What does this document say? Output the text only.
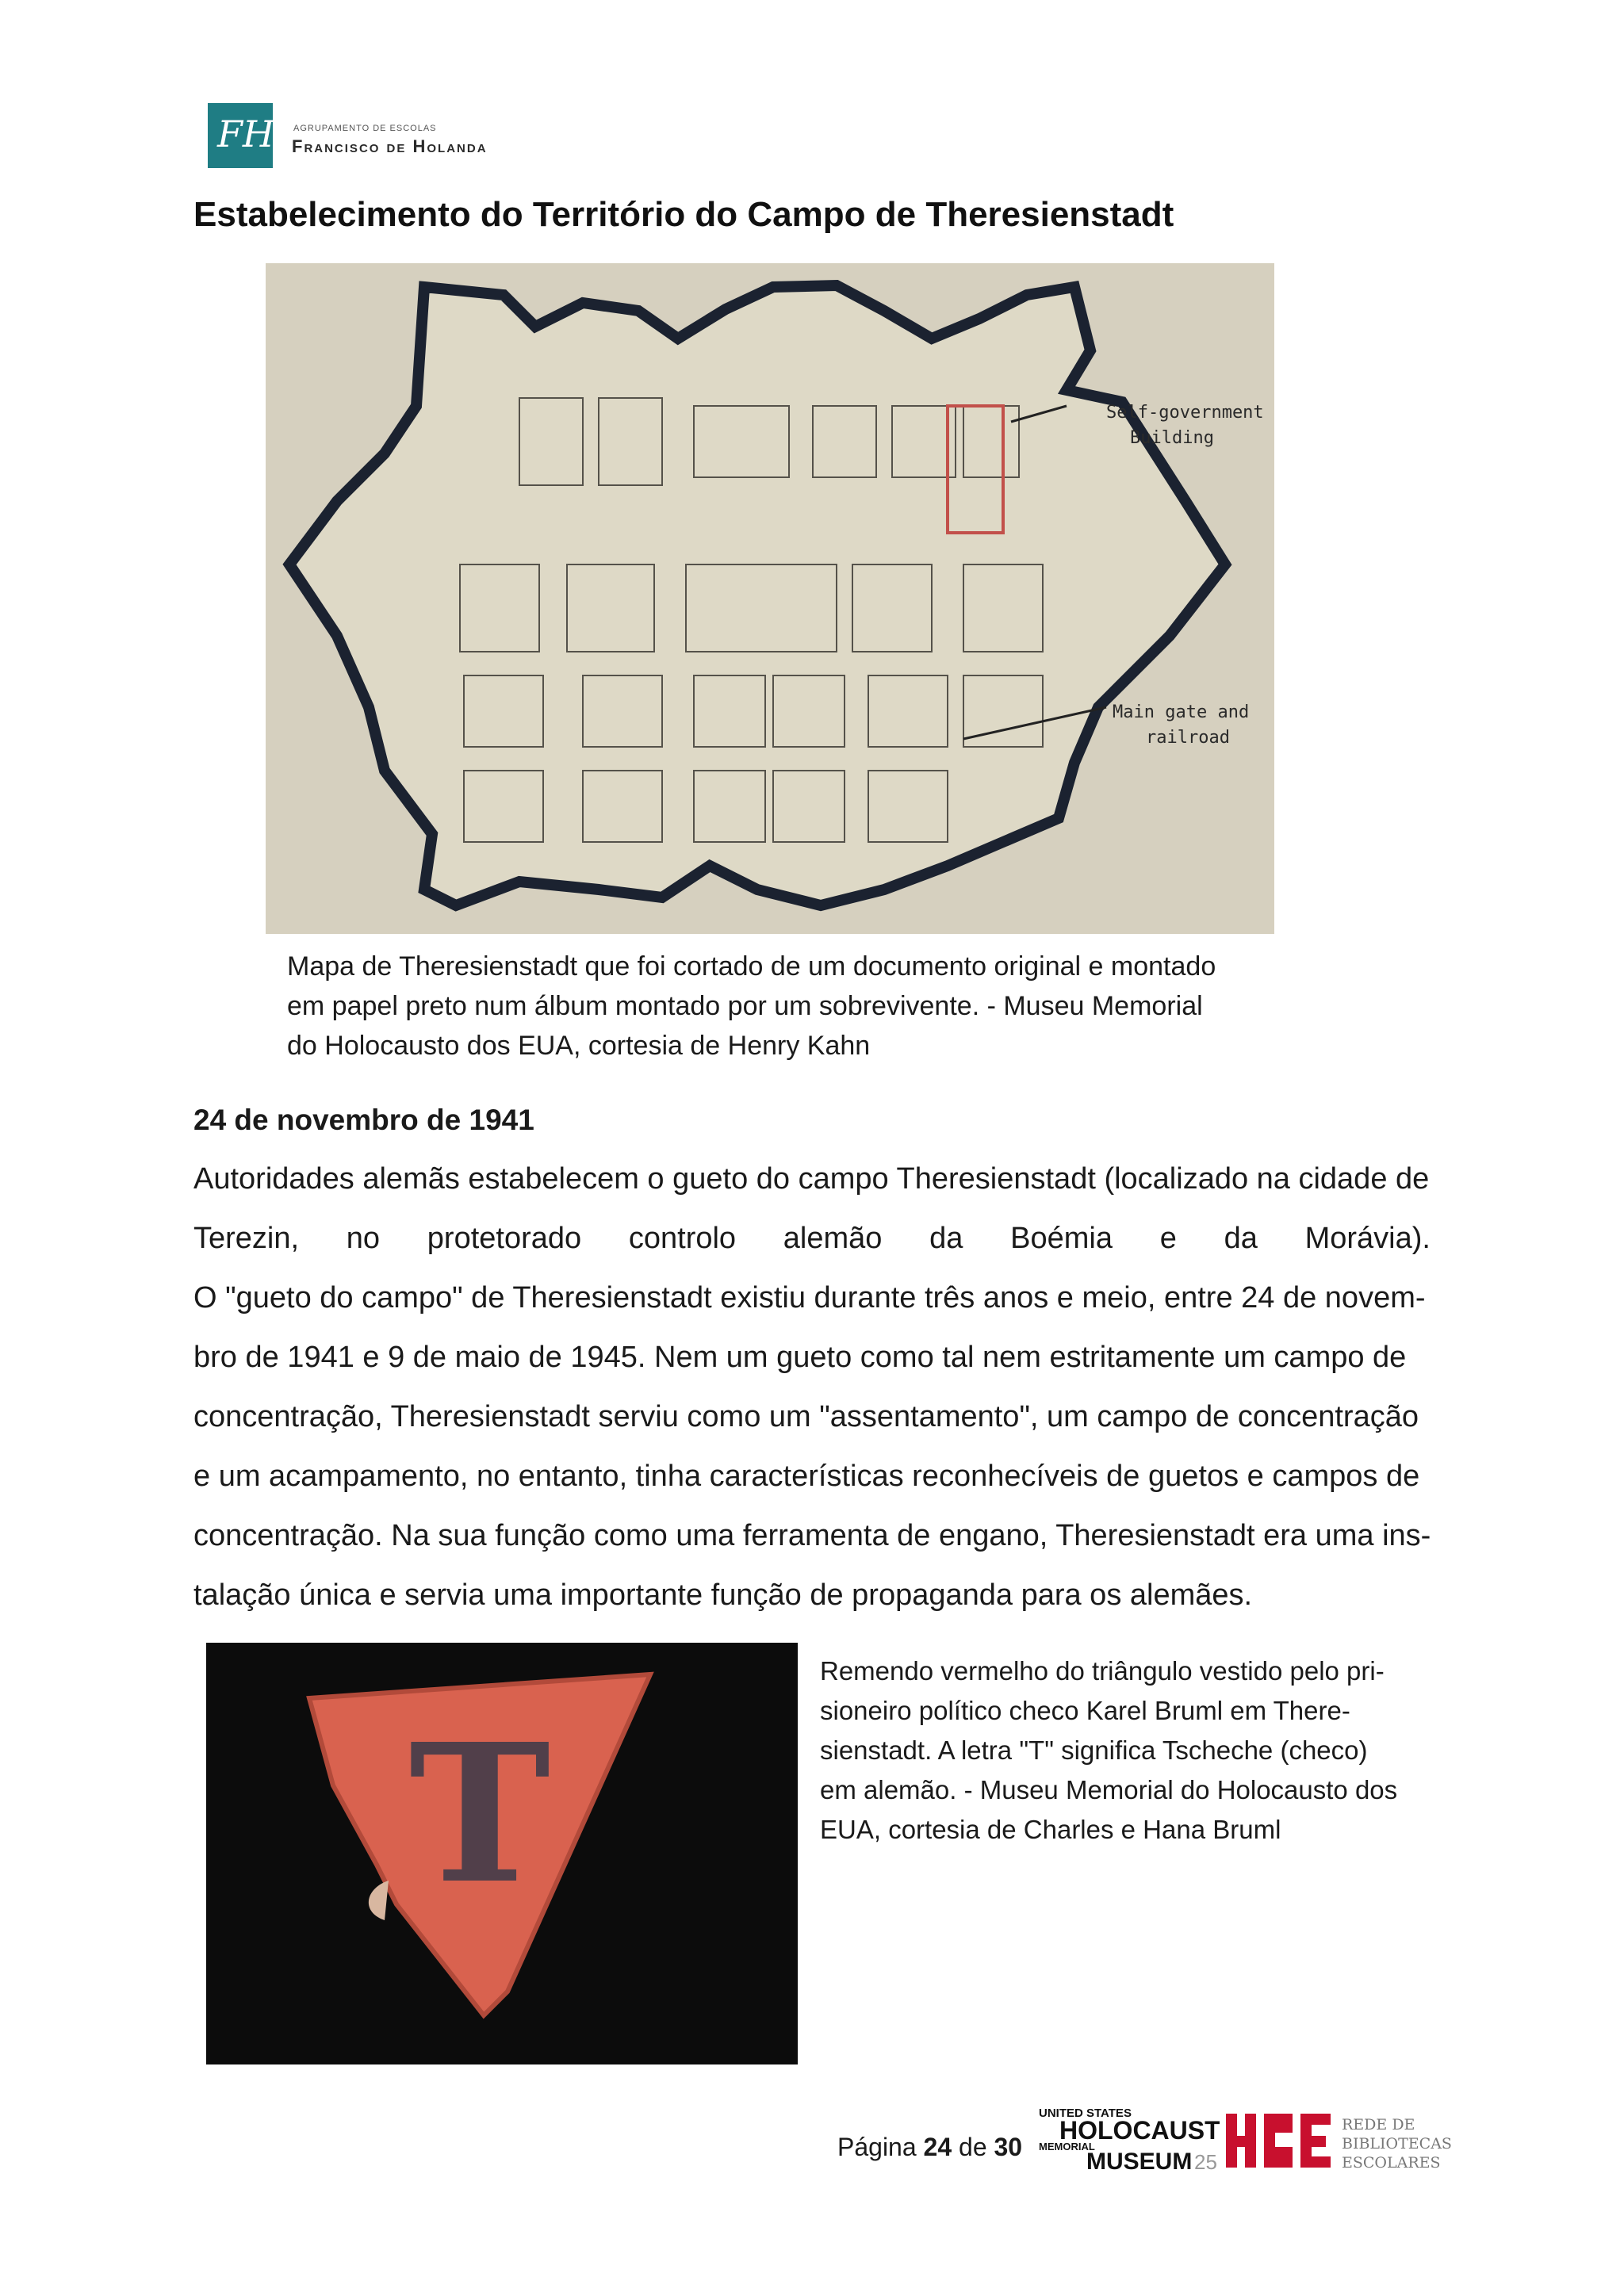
FH AGRUPAMENTO DE ESCOLAS
Francisco de Holanda
Estabelecimento do Território do Campo de Theresienstadt
Self-government
Building
Main gate and
railroad
Mapa de Theresienstadt que foi cortado de um documento original e montado
em papel preto num álbum montado por um sobrevivente. - Museu Memorial
do Holocausto dos EUA, cortesia de Henry Kahn
24 de novembro de 1941
Autoridades alemãs estabelecem o gueto do campo Theresienstadt (localizado na cidade de
Terezin, no protetorado controlo alemão da Boémia e da Morávia).
O "gueto do campo" de Theresienstadt existiu durante três anos e meio, entre 24 de novem-
bro de 1941 e 9 de maio de 1945. Nem um gueto como tal nem estritamente um campo de
concentração, Theresienstadt serviu como um "assentamento", um campo de concentração
e um acampamento, no entanto, tinha características reconhecíveis de guetos e campos de
concentração. Na sua função como uma ferramenta de engano, Theresienstadt era uma ins-
talação única e servia uma importante função de propaganda para os alemães.
T
Remendo vermelho do triângulo vestido pelo pri-
sioneiro político checo Karel Bruml em There-
sienstadt. A letra "T" significa Tscheche (checo)
em alemão. - Museu Memorial do Holocausto dos
EUA, cortesia de Charles e Hana Bruml
Página 24 de 30
UNITED STATES
HOLOCAUST
MEMORIAL
MUSEUM 25
REDE DE
BIBLIOTECAS
ESCOLARES
